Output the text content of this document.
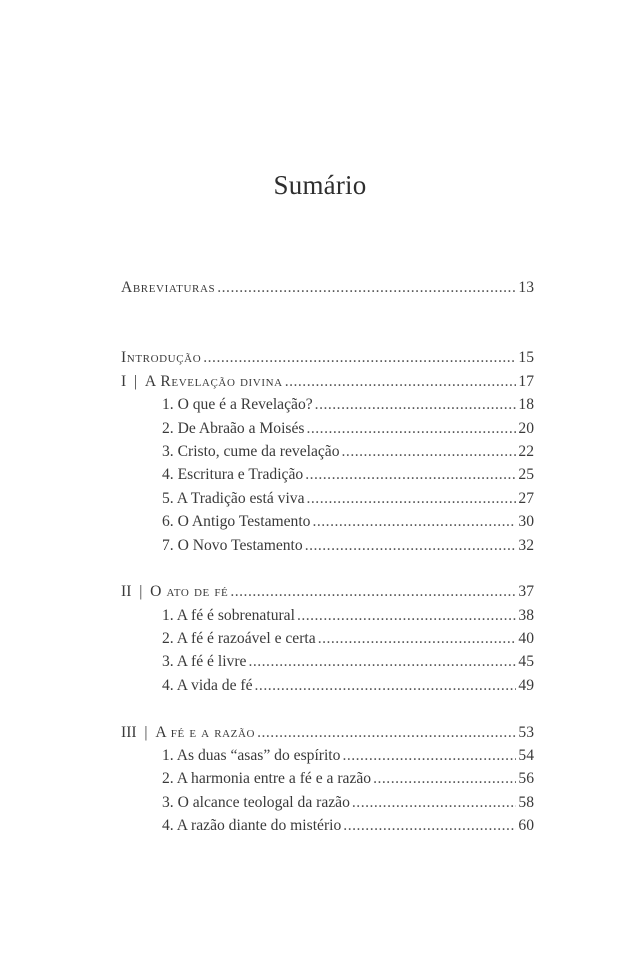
Sumário
Abreviaturas .....	13
Introdução .....	15
I  |  A Revelação divina .....	17
1. O que é a Revelação? .....	18
2. De Abraão a Moisés .....	20
3. Cristo, cume da revelação .....	22
4. Escritura e Tradição .....	25
5. A Tradição está viva .....	27
6. O Antigo Testamento .....	30
7. O Novo Testamento .....	32
II  |  O ato de fé .....	37
1. A fé é sobrenatural .....	38
2. A fé é razoável e certa .....	40
3. A fé é livre .....	45
4. A vida de fé .....	49
III  |  A fé e a razão .....	53
1. As duas “asas” do espírito .....	54
2. A harmonia entre a fé e a razão .....	56
3. O alcance teologal da razão .....	58
4. A razão diante do mistério .....	60
